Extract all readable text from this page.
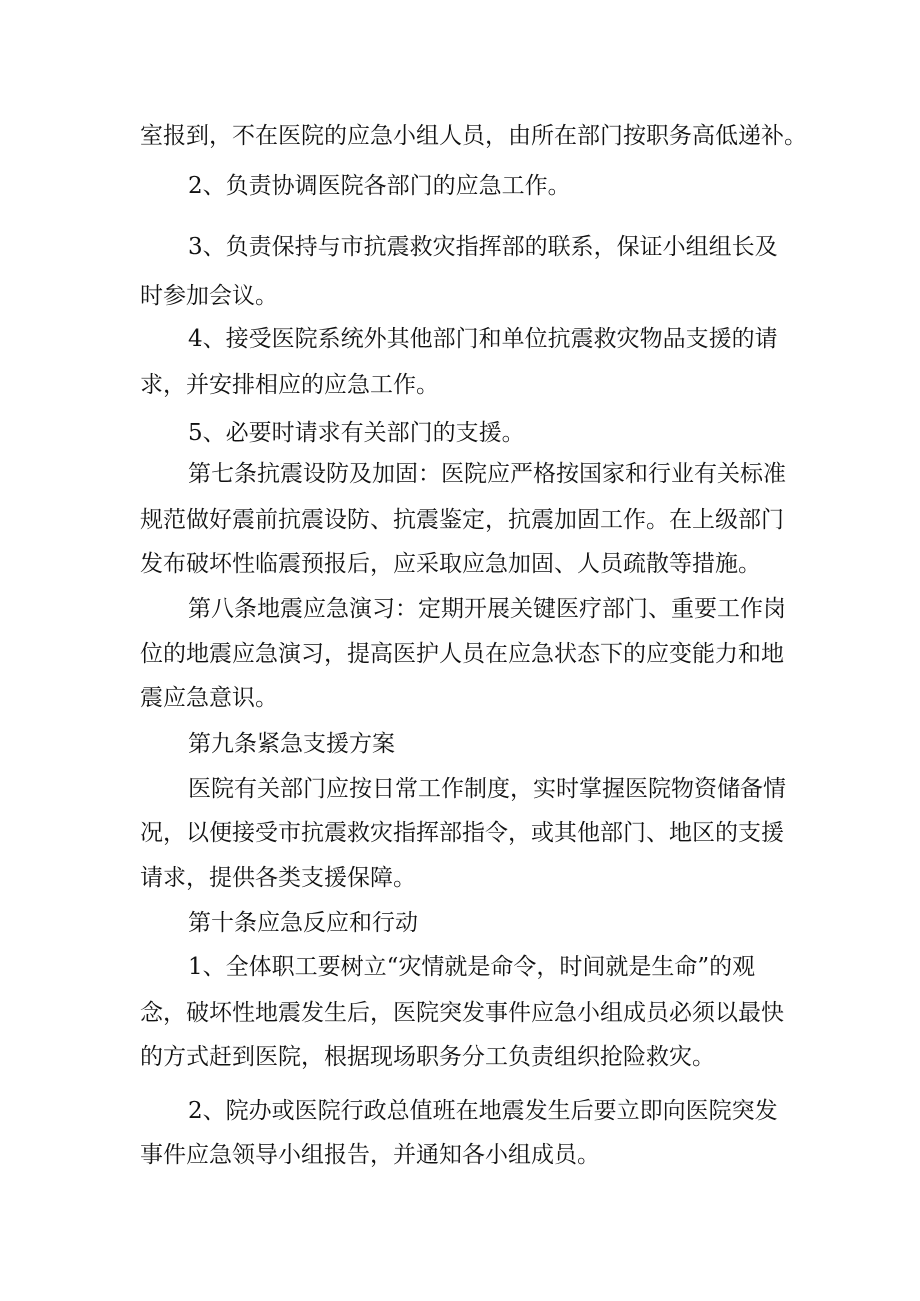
室报到，不在医院的应急小组人员，由所在部门按职务高低递补。

2、负责协调医院各部门的应急工作。

3、负责保持与市抗震救灾指挥部的联系，保证小组组长及

时参加会议。

4、接受医院系统外其他部门和单位抗震救灾物品支援的请

求，并安排相应的应急工作。

5、必要时请求有关部门的支援。

第七条抗震设防及加固：医院应严格按国家和行业有关标准

规范做好震前抗震设防、抗震鉴定，抗震加固工作。在上级部门

发布破坏性临震预报后，应采取应急加固、人员疏散等措施。

第八条地震应急演习：定期开展关键医疗部门、重要工作岗

位的地震应急演习，提高医护人员在应急状态下的应变能力和地

震应急意识。

第九条紧急支援方案

医院有关部门应按日常工作制度，实时掌握医院物资储备情

况，以便接受市抗震救灾指挥部指令，或其他部门、地区的支援

请求，提供各类支援保障。

第十条应急反应和行动

1、全体职工要树立“灾情就是命令，时间就是生命”的观

念，破坏性地震发生后，医院突发事件应急小组成员必须以最快

的方式赶到医院，根据现场职务分工负责组织抢险救灾。

2、院办或医院行政总值班在地震发生后要立即向医院突发

事件应急领导小组报告，并通知各小组成员。
